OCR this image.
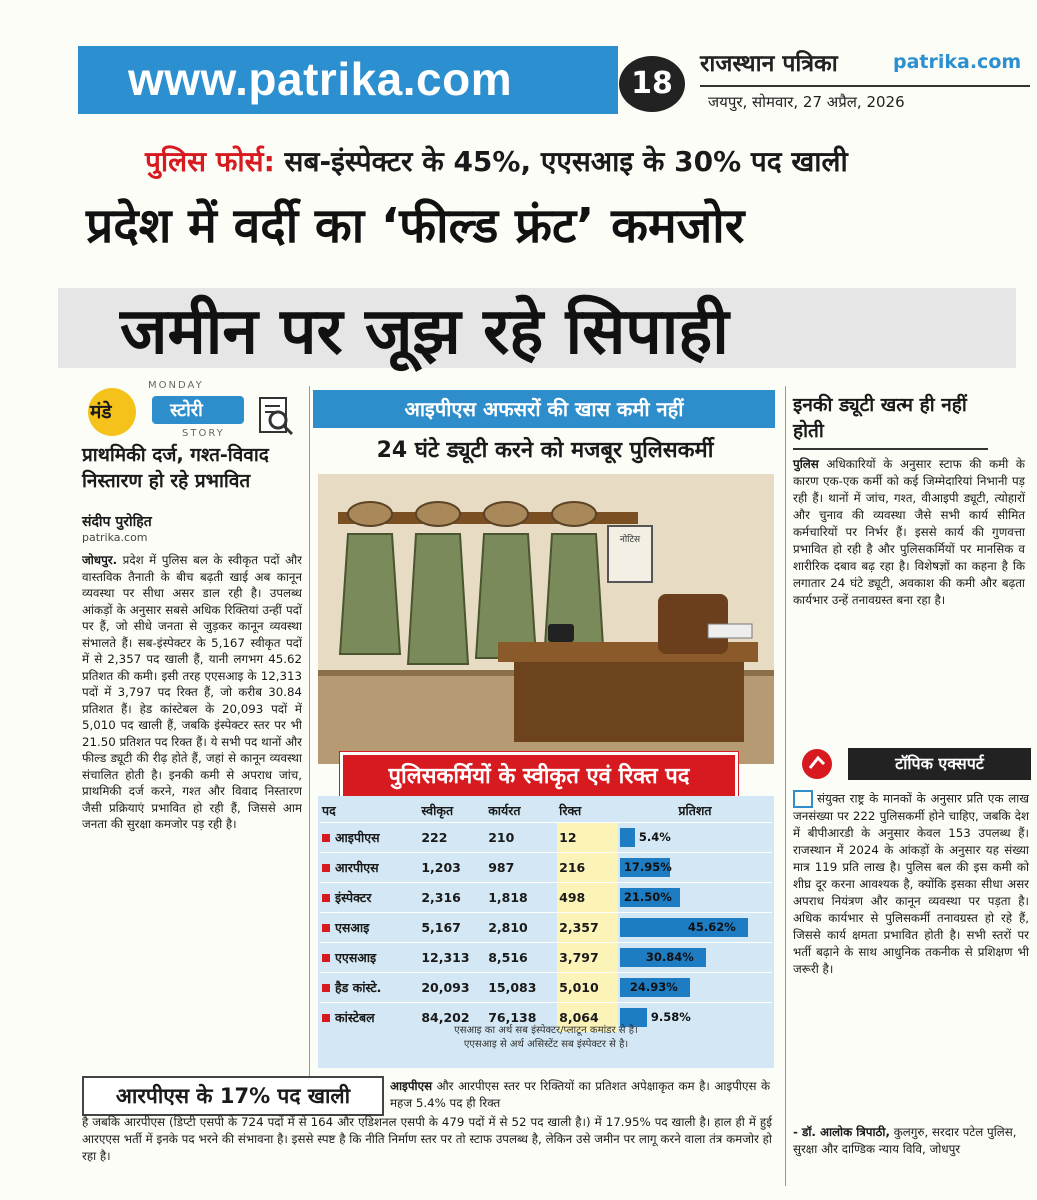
www.patrika.com	18
राजस्थान पत्रिका	patrika.com
जयपुर, सोमवार, 27 अप्रैल, 2026
पुलिस फोर्स: सब-इंस्पेक्टर के 45%, एएसआइ के 30% पद खाली
प्रदेश में वर्दी का ‘फील्ड फ्रंट’ कमजोर
जमीन पर जूझ रहे सिपाही
MONDAY
मंडे	स्टोरी
STORY
प्राथमिकी दर्ज, गश्त-विवाद निस्तारण हो रहे प्रभावित
संदीप पुरोहित
patrika.com
जोधपुर. प्रदेश में पुलिस बल के स्वीकृत पदों और वास्तविक तैनाती के बीच बढ़ती खाई अब कानून व्यवस्था पर सीधा असर डाल रही है। उपलब्ध आंकड़ों के अनुसार सबसे अधिक रिक्तियां उन्हीं पदों पर हैं, जो सीधे जनता से जुड़कर कानून व्यवस्था संभालते हैं। सब-इंस्पेक्टर के 5,167 स्वीकृत पदों में से 2,357 पद खाली हैं, यानी लगभग 45.62 प्रतिशत की कमी। इसी तरह एएसआइ के 12,313 पदों में 3,797 पद रिक्त हैं, जो करीब 30.84 प्रतिशत हैं। हेड कांस्टेबल के 20,093 पदों में 5,010 पद खाली हैं, जबकि इंस्पेक्टर स्तर पर भी 21.50 प्रतिशत पद रिक्त हैं। ये सभी पद थानों और फील्ड ड्यूटी की रीढ़ होते हैं, जहां से कानून व्यवस्था संचालित होती है। इनकी कमी से अपराध जांच, प्राथमिकी दर्ज करने, गश्त और विवाद निस्तारण जैसी प्रक्रियाएं प्रभावित हो रही हैं, जिससे आम जनता की सुरक्षा कमजोर पड़ रही है।
आइपीएस अफसरों की खास कमी नहीं
24 घंटे ड्यूटी करने को मजबूर पुलिसकर्मी
नोटिस
पुलिसकर्मियों के स्वीकृत एवं रिक्त पद
पद	स्वीकृत	कार्यरत	रिक्त	प्रतिशत
आइपीएस	222	210	12	5.4%

आरपीएस	1,203	987	216	17.95%

इंस्पेक्टर	2,316	1,818	498	21.50%

एसआइ	5,167	2,810	2,357	45.62%

एएसआइ	12,313	8,516	3,797	30.84%

हैड कांस्टे.	20,093	15,083	5,010	24.93%

कांस्टेबल	84,202	76,138	8,064	9.58%
एसआइ का अर्थ सब इंस्पेक्टर/प्लाटून कमांडर से है।
एएसआइ से अर्थ असिस्टेंट सब इंस्पेक्टर से है।
आरपीएस के 17% पद खाली	आइपीएस और आरपीएस स्तर पर रिक्तियों का प्रतिशत अपेक्षाकृत कम है। आइपीएस के महज 5.4% पद ही रिक्त
है जबकि आरपीएस (डिप्टी एसपी के 724 पदों में से 164 और एडिशनल एसपी के 479 पदों में से 52 पद खाली है।) में 17.95% पद खाली है। हाल ही में हुई आरएएस भर्ती में इनके पद भरने की संभावना है। इससे स्पष्ट है कि नीति निर्माण स्तर पर तो स्टाफ उपलब्ध है, लेकिन उसे जमीन पर लागू करने वाला तंत्र कमजोर हो रहा है।
इनकी ड्यूटी खत्म ही नहीं होती
पुलिस अधिकारियों के अनुसार स्टाफ की कमी के कारण एक-एक कर्मी को कई जिम्मेदारियां निभानी पड़ रही हैं। थानों में जांच, गश्त, वीआइपी ड्यूटी, त्योहारों और चुनाव की व्यवस्था जैसे सभी कार्य सीमित कर्मचारियों पर निर्भर हैं। इससे कार्य की गुणवत्ता प्रभावित हो रही है और पुलिसकर्मियों पर मानसिक व शारीरिक दबाव बढ़ रहा है। विशेषज्ञों का कहना है कि लगातार 24 घंटे ड्यूटी, अवकाश की कमी और बढ़ता कार्यभार उन्हें तनावग्रस्त बना रहा है।
टॉपिक एक्सपर्ट
संयुक्त राष्ट्र के मानकों के अनुसार प्रति एक लाख जनसंख्या पर 222 पुलिसकर्मी होने चाहिए, जबकि देश में बीपीआरडी के अनुसार केवल 153 उपलब्ध हैं। राजस्थान में 2024 के आंकड़ों के अनुसार यह संख्या मात्र 119 प्रति लाख है। पुलिस बल की इस कमी को शीघ्र दूर करना आवश्यक है, क्योंकि इसका सीधा असर अपराध नियंत्रण और कानून व्यवस्था पर पड़ता है। अधिक कार्यभार से पुलिसकर्मी तनावग्रस्त हो रहे हैं, जिससे कार्य क्षमता प्रभावित होती है। सभी स्तरों पर भर्ती बढ़ाने के साथ आधुनिक तकनीक से प्रशिक्षण भी जरूरी है।
- डॉ. आलोक त्रिपाठी, कुलगुरु, सरदार पटेल पुलिस, सुरक्षा और दाण्डिक न्याय विवि, जोधपुर
